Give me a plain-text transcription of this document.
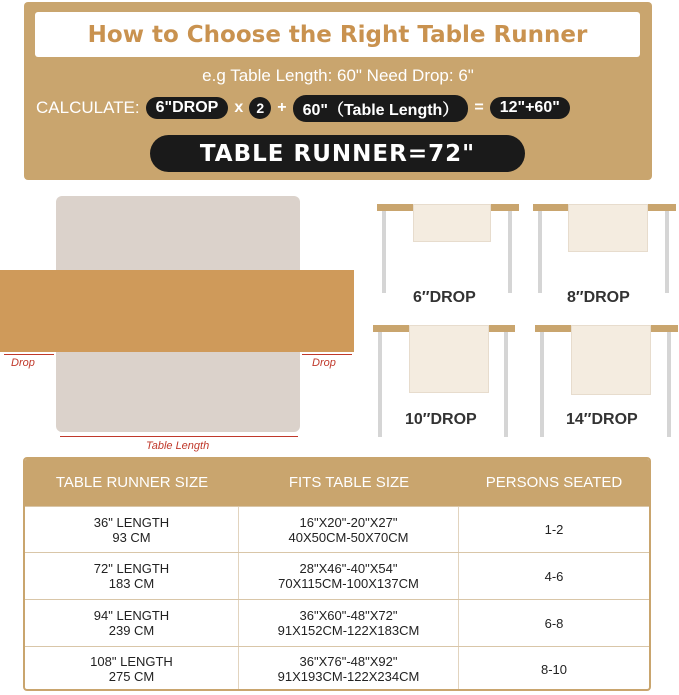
How to Choose the Right Table Runner
e.g Table Length: 60" Need Drop: 6"
CALCULATE:	6"DROP	x 2 +	60"（Table Length）	=	12"+60"
TABLE RUNNER=72"
Drop	Drop
Table Length
6″DROP	8″DROP
10″DROP	14″DROP
TABLE RUNNER SIZE	FITS TABLE SIZE	PERSONS SEATED
36" LENGTH
93 CM
16"X20"-20"X27"
40X50CM-50X70CM	1-2
72" LENGTH
183 CM
28"X46"-40"X54"
70X115CM-100X137CM	4-6
94" LENGTH
239 CM
36"X60"-48"X72"
91X152CM-122X183CM	6-8
108" LENGTH
275 CM
36"X76"-48"X92"
91X193CM-122X234CM	8-10
